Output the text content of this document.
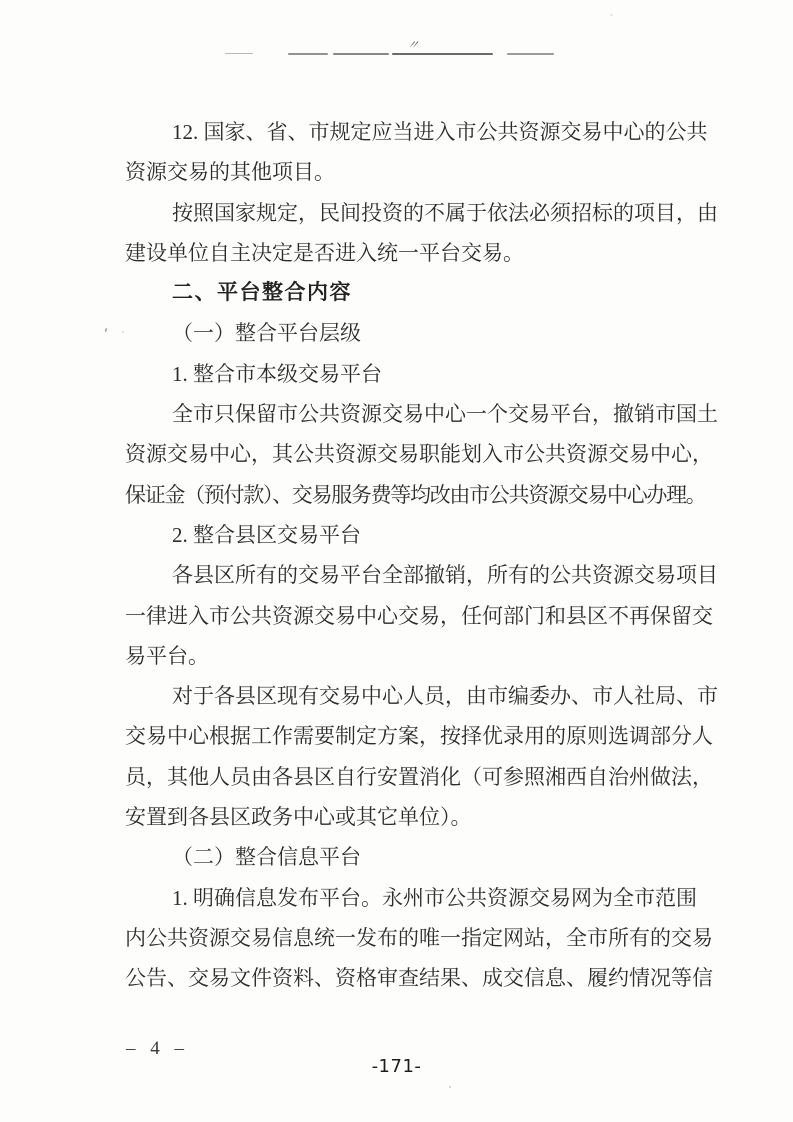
〃
12. 国家、省、市规定应当进入市公共资源交易中心的公共
资源交易的其他项目。
按照国家规定，民间投资的不属于依法必须招标的项目，由
建设单位自主决定是否进入统一平台交易。
二、平台整合内容
（一）整合平台层级
1. 整合市本级交易平台
全市只保留市公共资源交易中心一个交易平台，撤销市国土
资源交易中心，其公共资源交易职能划入市公共资源交易中心，
保证金（预付款）、交易服务费等均改由市公共资源交易中心办理。
2. 整合县区交易平台
各县区所有的交易平台全部撤销，所有的公共资源交易项目
一律进入市公共资源交易中心交易，任何部门和县区不再保留交
易平台。
对于各县区现有交易中心人员，由市编委办、市人社局、市
交易中心根据工作需要制定方案，按择优录用的原则选调部分人
员，其他人员由各县区自行安置消化（可参照湘西自治州做法，
安置到各县区政务中心或其它单位）。
（二）整合信息平台
1. 明确信息发布平台。永州市公共资源交易网为全市范围
内公共资源交易信息统一发布的唯一指定网站，全市所有的交易
公告、交易文件资料、资格审查结果、成交信息、履约情况等信
– 4 –
-171-
